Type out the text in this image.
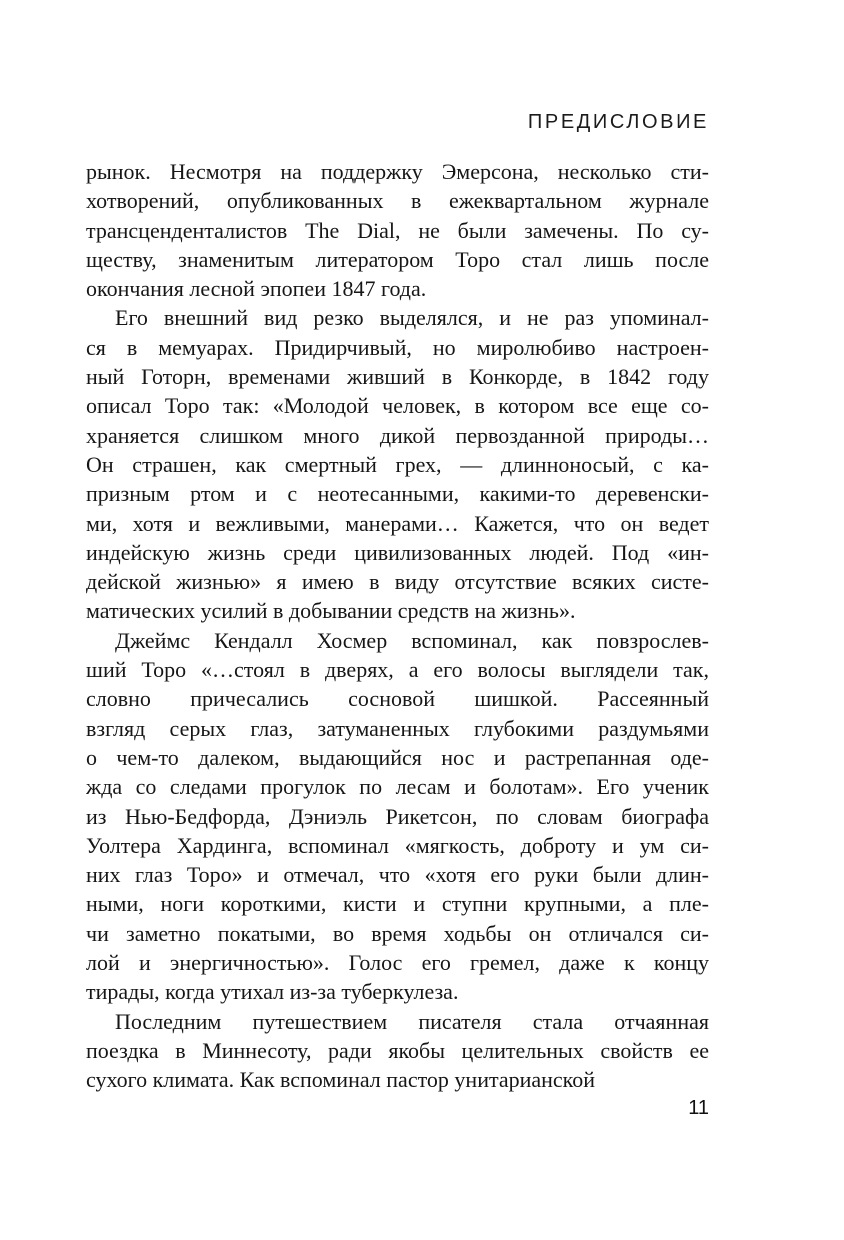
ПРЕДИСЛОВИЕ
рынок. Несмотря на поддержку Эмерсона, несколько сти-
хотворений, опубликованных в ежеквартальном журнале
трансценденталистов The Dial, не были замечены. По су-
ществу, знаменитым литератором Торо стал лишь после
окончания лесной эпопеи 1847 года.
Его внешний вид резко выделялся, и не раз упоминал-
ся в мемуарах. Придирчивый, но миролюбиво настроен-
ный Готорн, временами живший в Конкорде, в 1842 году
описал Торо так: «Молодой человек, в котором все еще со-
храняется слишком много дикой первозданной природы…
Он страшен, как смертный грех, — длинноносый, с ка-
призным ртом и с неотесанными, какими-то деревенски-
ми, хотя и вежливыми, манерами… Кажется, что он ведет
индейскую жизнь среди цивилизованных людей. Под «ин-
дейской жизнью» я имею в виду отсутствие всяких систе-
матических усилий в добывании средств на жизнь».
Джеймс Кендалл Хосмер вспоминал, как повзрослев-
ший Торо «…стоял в дверях, а его волосы выглядели так,
словно причесались сосновой шишкой. Рассеянный
взгляд серых глаз, затуманенных глубокими раздумьями
о чем-то далеком, выдающийся нос и растрепанная оде-
жда со следами прогулок по лесам и болотам». Его ученик
из Нью-Бедфорда, Дэниэль Рикетсон, по словам биографа
Уолтера Хардинга, вспоминал «мягкость, доброту и ум си-
них глаз Торо» и отмечал, что «хотя его руки были длин-
ными, ноги короткими, кисти и ступни крупными, а пле-
чи заметно покатыми, во время ходьбы он отличался си-
лой и энергичностью». Голос его гремел, даже к концу
тирады, когда утихал из-за туберкулеза.
Последним путешествием писателя стала отчаянная
поездка в Миннесоту, ради якобы целительных свойств ее
сухого климата. Как вспоминал пастор унитарианской
11
